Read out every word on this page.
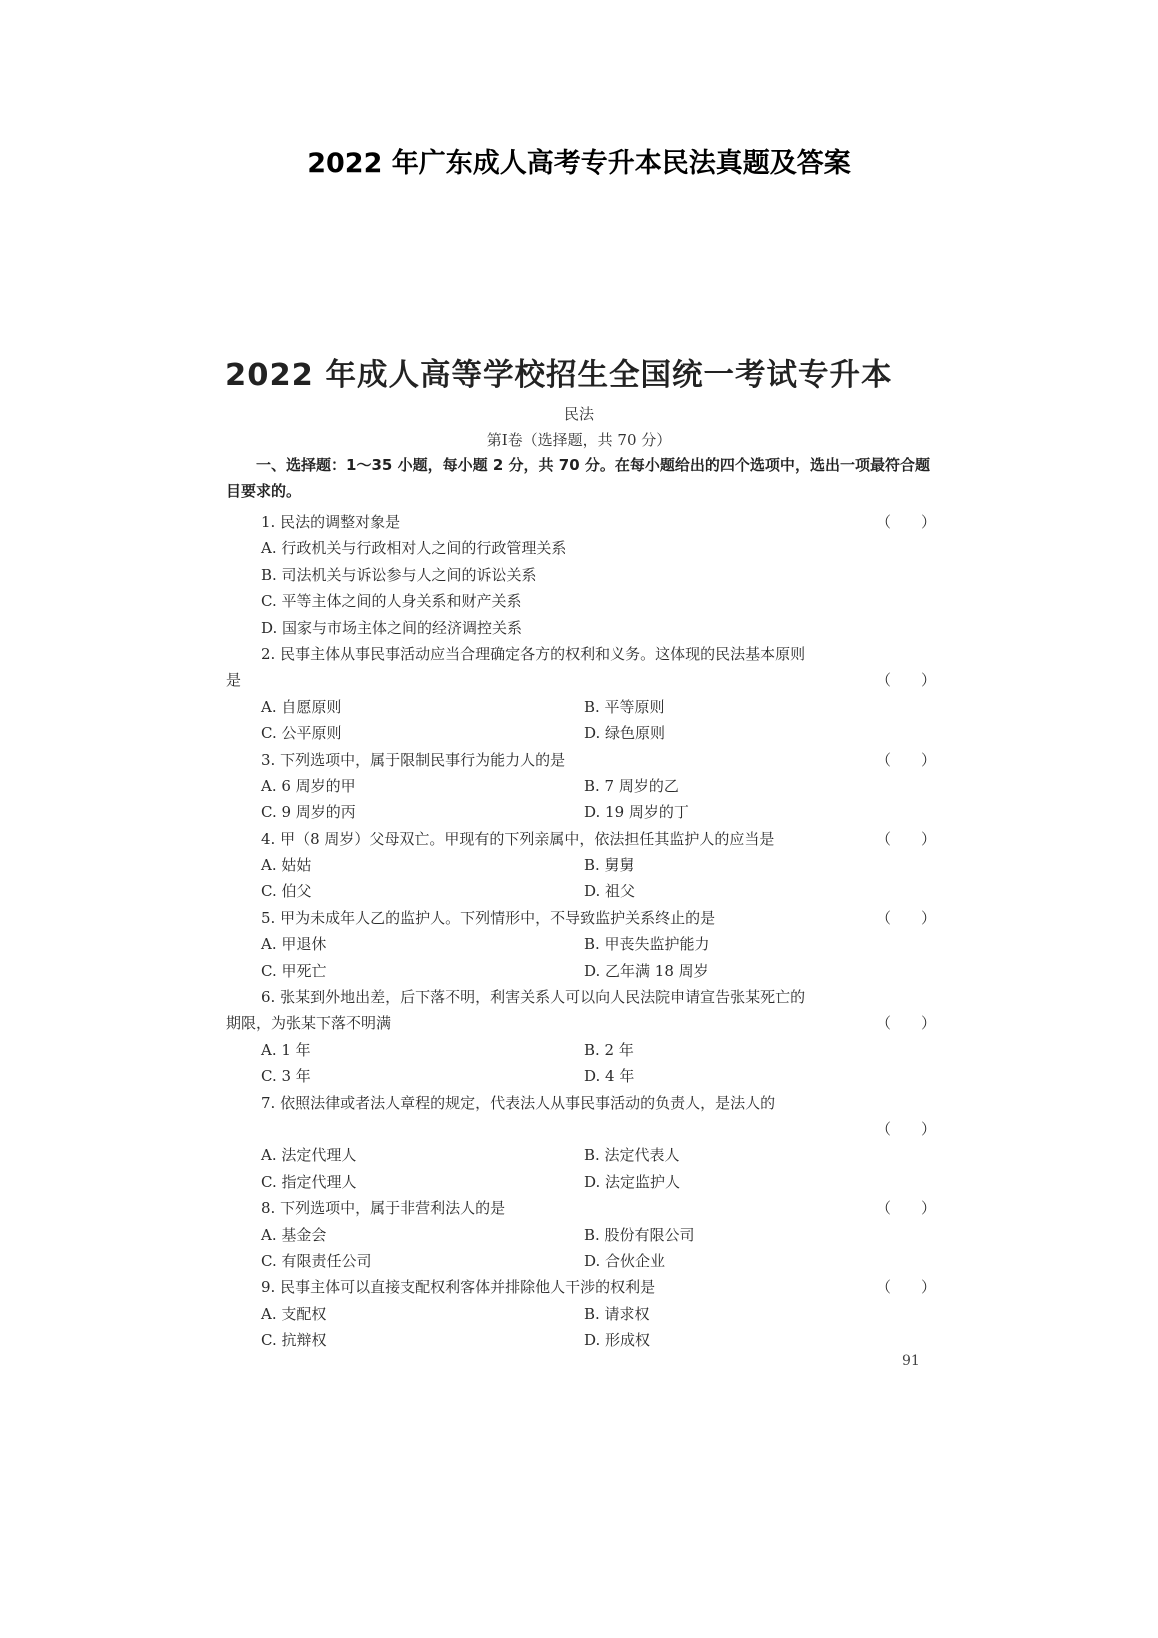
2022 年广东成人高考专升本民法真题及答案
2022 年成人高等学校招生全国统一考试专升本
民法
第Ⅰ卷（选择题，共 70 分）
一、选择题：1～35 小题，每小题 2 分，共 70 分。在每小题给出的四个选项中，选出一项最符合题目要求的。
1. 民法的调整对象是	（　　）
A. 行政机关与行政相对人之间的行政管理关系
B. 司法机关与诉讼参与人之间的诉讼关系
C. 平等主体之间的人身关系和财产关系
D. 国家与市场主体之间的经济调控关系
2. 民事主体从事民事活动应当合理确定各方的权利和义务。这体现的民法基本原则
是	（　　）
A. 自愿原则	B. 平等原则
C. 公平原则	D. 绿色原则
3. 下列选项中，属于限制民事行为能力人的是	（　　）
A. 6 周岁的甲	B. 7 周岁的乙
C. 9 周岁的丙	D. 19 周岁的丁
4. 甲（8 周岁）父母双亡。甲现有的下列亲属中，依法担任其监护人的应当是	（　　）
A. 姑姑	B. 舅舅
C. 伯父	D. 祖父
5. 甲为未成年人乙的监护人。下列情形中，不导致监护关系终止的是	（　　）
A. 甲退休	B. 甲丧失监护能力
C. 甲死亡	D. 乙年满 18 周岁
6. 张某到外地出差，后下落不明，利害关系人可以向人民法院申请宣告张某死亡的
期限，为张某下落不明满	（　　）
A. 1 年	B. 2 年
C. 3 年	D. 4 年
7. 依照法律或者法人章程的规定，代表法人从事民事活动的负责人，是法人的
（　　）
A. 法定代理人	B. 法定代表人
C. 指定代理人	D. 法定监护人
8. 下列选项中，属于非营利法人的是	（　　）
A. 基金会	B. 股份有限公司
C. 有限责任公司	D. 合伙企业
9. 民事主体可以直接支配权利客体并排除他人干涉的权利是	（　　）
A. 支配权	B. 请求权
C. 抗辩权	D. 形成权
91
